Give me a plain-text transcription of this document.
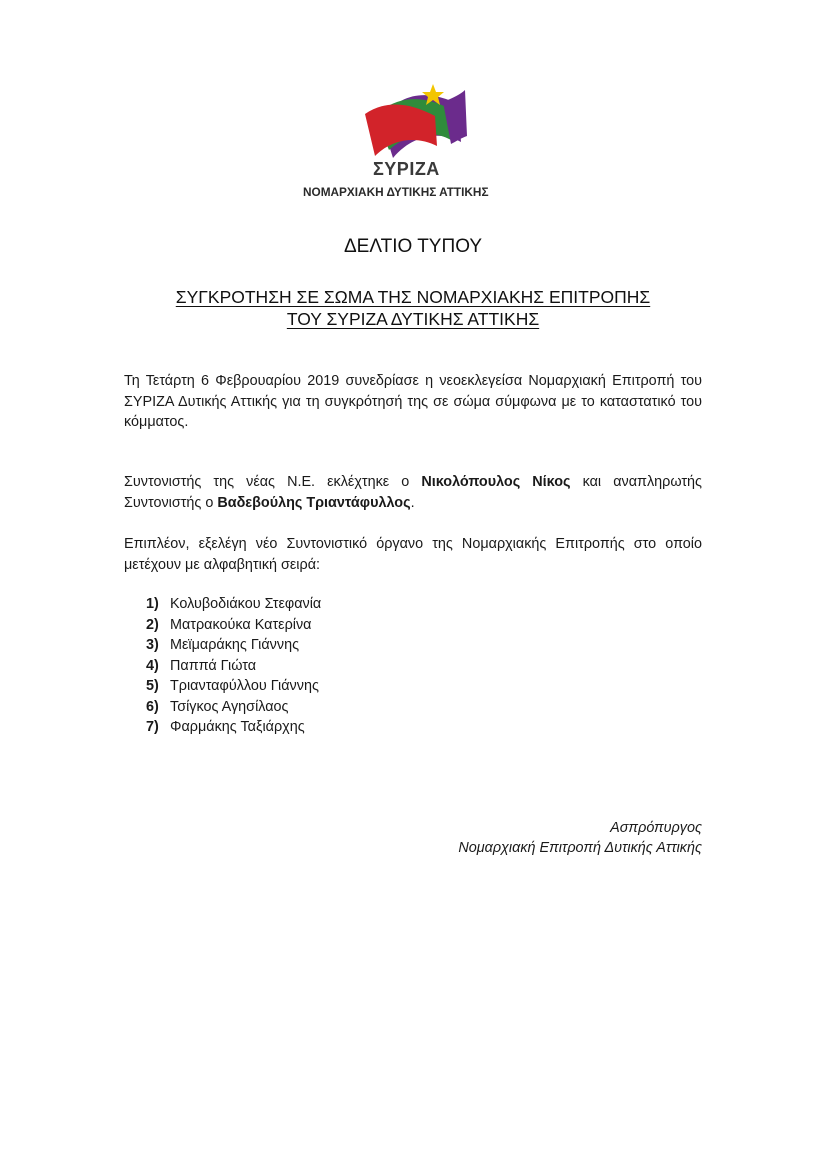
ΣΥΡΙΖΑ
ΝΟΜΑΡΧΙΑΚΗ ΔΥΤΙΚΗΣ ΑΤΤΙΚΗΣ
ΔΕΛΤΙΟ ΤΥΠΟΥ
ΣΥΓΚΡΟΤΗΣΗ ΣΕ ΣΩΜΑ ΤΗΣ ΝΟΜΑΡΧΙΑΚΗΣ ΕΠΙΤΡΟΠΗΣ
ΤΟΥ ΣΥΡΙΖΑ ΔΥΤΙΚΗΣ ΑΤΤΙΚΗΣ
Τη Τετάρτη 6 Φεβρουαρίου 2019 συνεδρίασε η νεοεκλεγείσα Νομαρχιακή Επιτροπή του ΣΥΡΙΖΑ Δυτικής Αττικής για τη συγκρότησή της σε σώμα σύμφωνα με το καταστατικό του κόμματος.
Συντονιστής της νέας Ν.Ε. εκλέχτηκε ο Νικολόπουλος Νίκος και αναπληρωτής Συντονιστής ο Βαδεβούλης Τριαντάφυλλος.
Επιπλέον, εξελέγη νέο Συντονιστικό όργανο της Νομαρχιακής Επιτροπής στο οποίο μετέχουν με αλφαβητική σειρά:
1) Κολυβοδιάκου Στεφανία
2) Ματρακούκα Κατερίνα
3) Μεϊμαράκης Γιάννης
4) Παππά Γιώτα
5) Τριανταφύλλου Γιάννης
6) Τσίγκος Αγησίλαος
7) Φαρμάκης Ταξιάρχης
Ασπρόπυργος
Νομαρχιακή Επιτροπή Δυτικής Αττικής
